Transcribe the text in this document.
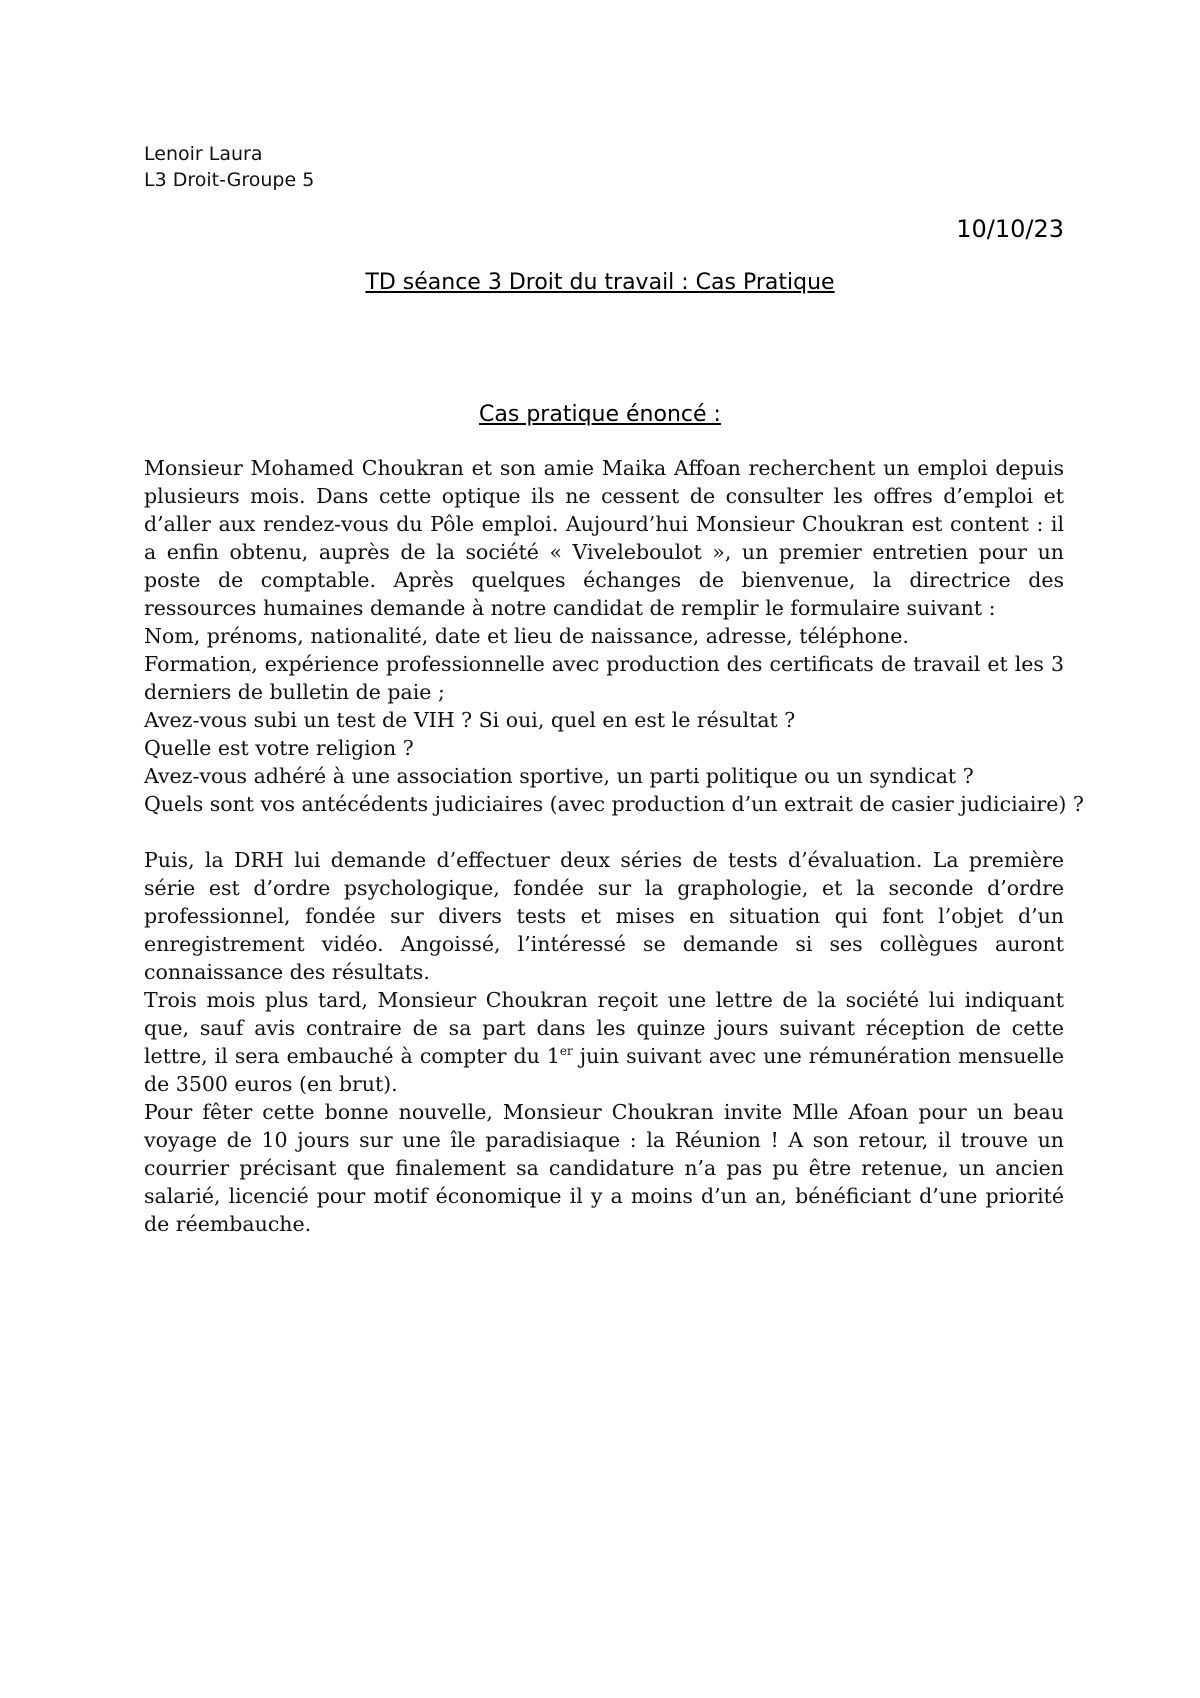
Lenoir Laura
L3 Droit-Groupe 5
10/10/23
TD séance 3 Droit du travail : Cas Pratique
Cas pratique énoncé :

Monsieur Mohamed Choukran et son amie Maika Affoan recherchent un emploi depuis plusieurs mois. Dans cette optique ils ne cessent de consulter les offres d’emploi et d’aller aux rendez-vous du Pôle emploi. Aujourd’hui Monsieur Choukran est content : il a enfin obtenu, auprès de la société « Viveleboulot », un premier entretien pour un poste de comptable. Après quelques échanges de bienvenue, la directrice des ressources humaines demande à notre candidat de remplir le formulaire suivant :

Nom, prénoms, nationalité, date et lieu de naissance, adresse, téléphone.

Formation, expérience professionnelle avec production des certificats de travail et les 3 derniers de bulletin de paie ;

Avez-vous subi un test de VIH ? Si oui, quel en est le résultat ?

Quelle est votre religion ?

Avez-vous adhéré à une association sportive, un parti politique ou un syndicat ?

Quels sont vos antécédents judiciaires (avec production d’un extrait de casier judiciaire) ?

Puis, la DRH lui demande d’effectuer deux séries de tests d’évaluation. La première série est d’ordre psychologique, fondée sur la graphologie, et la seconde d’ordre professionnel, fondée sur divers tests et mises en situation qui font l’objet d’un enregistrement vidéo. Angoissé, l’intéressé se demande si ses collègues auront connaissance des résultats.

Trois mois plus tard, Monsieur Choukran reçoit une lettre de la société lui indiquant que, sauf avis contraire de sa part dans les quinze jours suivant réception de cette lettre, il sera embauché à compter du 1er juin suivant avec une rémunération mensuelle de 3500 euros (en brut).

Pour fêter cette bonne nouvelle, Monsieur Choukran invite Mlle Afoan pour un beau voyage de 10 jours sur une île paradisiaque : la Réunion ! A son retour, il trouve un courrier précisant que finalement sa candidature n’a pas pu être retenue, un ancien salarié, licencié pour motif économique il y a moins d’un an, bénéficiant d’une priorité de réembauche.
